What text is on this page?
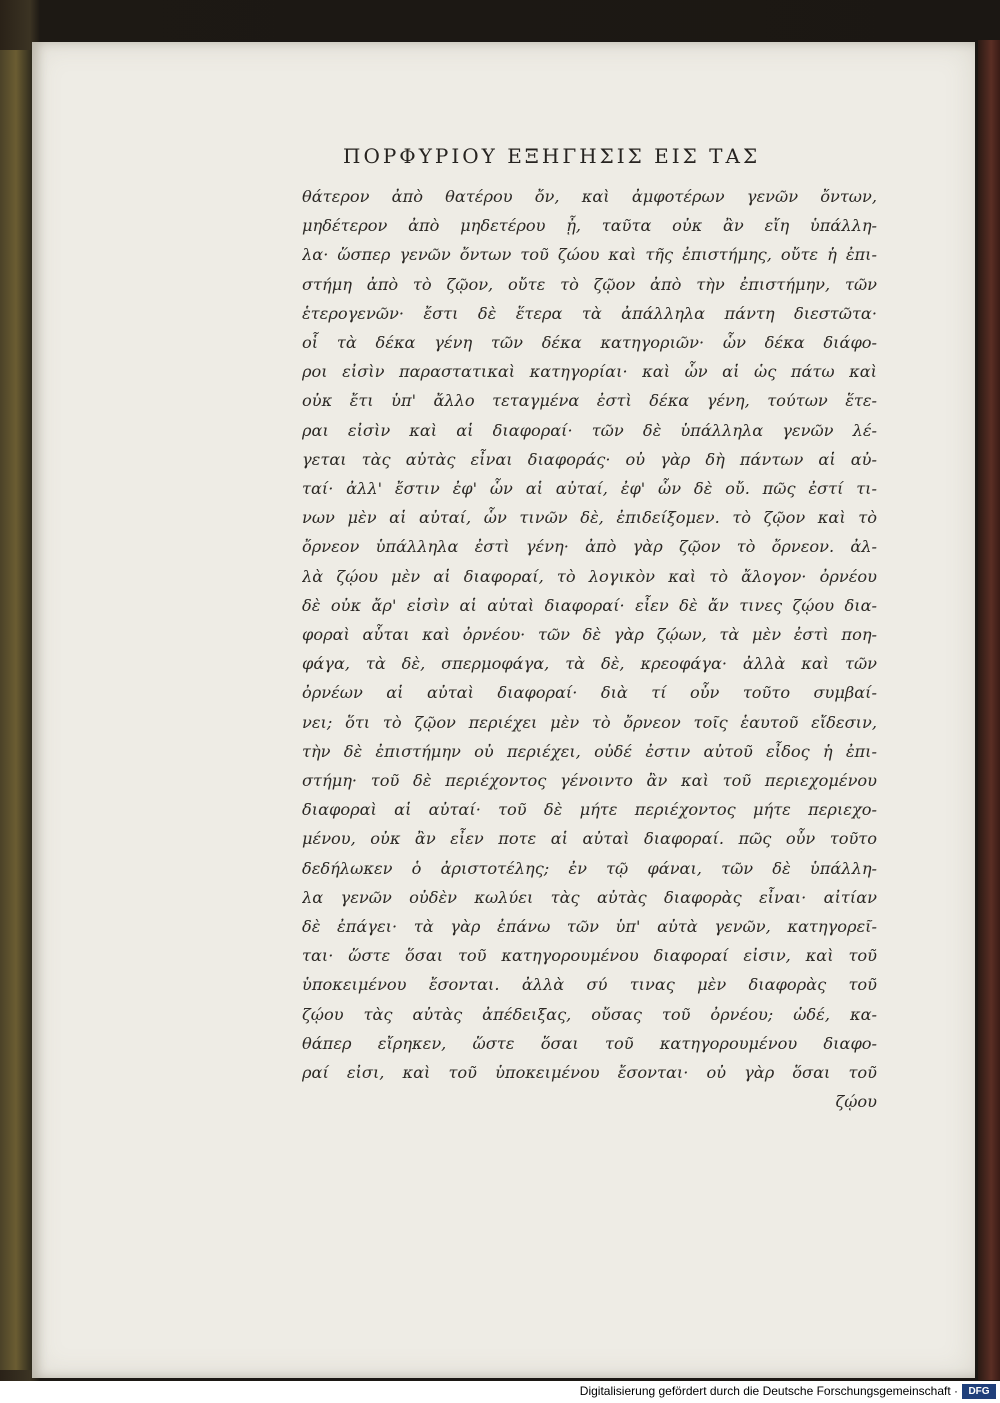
ΠΟΡΦΥΡΙΟΥ ΕΞΗΓΗΣΙΣ ΕΙΣ ΤΑΣ
θάτερον ἀπὸ θατέρου ὄν, καὶ ἀμφοτέρων γενῶν ὄντων,
μηδέτερον ἀπὸ μηδετέρου ᾖ, ταῦτα οὐκ ἂν εἴη ὑπάλλη-
λα· ὥσπερ γενῶν ὄντων τοῦ ζώου καὶ τῆς ἐπιστήμης, οὔτε ἡ ἐπι-
στήμη ἀπὸ τὸ ζῷον, οὔτε τὸ ζῷον ἀπὸ τὴν ἐπιστήμην, τῶν
ἑτερογενῶν· ἔστι δὲ ἕτερα τὰ ἀπάλληλα πάντη διεστῶτα·
οἷ τὰ δέκα γένη τῶν δέκα κατηγοριῶν· ὧν δέκα διάφο-
ροι εἰσὶν παραστατικαὶ κατηγορίαι· καὶ ὧν αἱ ὡς πάτω καὶ
οὐκ ἔτι ὑπ' ἄλλο τεταγμένα ἐστὶ δέκα γένη, τούτων ἕτε-
ραι εἰσὶν καὶ αἱ διαφοραί· τῶν δὲ ὑπάλληλα γενῶν λέ-
γεται τὰς αὐτὰς εἶναι διαφοράς· οὐ γὰρ δὴ πάντων αἱ αὐ-
ταί· ἀλλ' ἔστιν ἐφ' ὧν αἱ αὐταί, ἐφ' ὧν δὲ οὔ. πῶς ἐστί τι-
νων μὲν αἱ αὐταί, ὧν τινῶν δὲ, ἐπιδείξομεν. τὸ ζῷον καὶ τὸ
ὄρνεον ὑπάλληλα ἐστὶ γένη· ἀπὸ γὰρ ζῷον τὸ ὄρνεον. ἀλ-
λὰ ζῴου μὲν αἱ διαφοραί, τὸ λογικὸν καὶ τὸ ἄλογον· ὀρνέου
δὲ οὐκ ἄρ' εἰσὶν αἱ αὐταὶ διαφοραί· εἶεν δὲ ἄν τινες ζῴου δια-
φοραὶ αὗται καὶ ὀρνέου· τῶν δὲ γὰρ ζῴων, τὰ μὲν ἐστὶ ποη-
φάγα, τὰ δὲ, σπερμοφάγα, τὰ δὲ, κρεοφάγα· ἀλλὰ καὶ τῶν
ὀρνέων αἱ αὐταὶ διαφοραί· διὰ τί οὖν τοῦτο συμβαί-
νει; ὅτι τὸ ζῷον περιέχει μὲν τὸ ὄρνεον τοῖς ἑαυτοῦ εἴδεσιν,
τὴν δὲ ἐπιστήμην οὐ περιέχει, οὐδέ ἐστιν αὐτοῦ εἶδος ἡ ἐπι-
στήμη· τοῦ δὲ περιέχοντος γένοιντο ἂν καὶ τοῦ περιεχομένου
διαφοραὶ αἱ αὐταί· τοῦ δὲ μήτε περιέχοντος μήτε περιεχο-
μένου, οὐκ ἂν εἶεν ποτε αἱ αὐταὶ διαφοραί. πῶς οὖν τοῦτο
δεδήλωκεν ὁ ἀριστοτέλης; ἐν τῷ φάναι, τῶν δὲ ὑπάλλη-
λα γενῶν οὐδὲν κωλύει τὰς αὐτὰς διαφορὰς εἶναι· αἰτίαν
δὲ ἐπάγει· τὰ γὰρ ἐπάνω τῶν ὑπ' αὐτὰ γενῶν, κατηγορεῖ-
ται· ὥστε ὅσαι τοῦ κατηγορουμένου διαφοραί εἰσιν, καὶ τοῦ
ὑποκειμένου ἔσονται. ἀλλὰ σύ τινας μὲν διαφορὰς τοῦ
ζῴου τὰς αὐτὰς ἀπέδειξας, οὔσας τοῦ ὀρνέου; ὡδέ, κα-
θάπερ εἴρηκεν, ὥστε ὅσαι τοῦ κατηγορουμένου διαφο-
ραί εἰσι, καὶ τοῦ ὑποκειμένου ἔσονται· οὐ γὰρ ὅσαι τοῦ
ζῴου
Digitalisierung gefördert durch die Deutsche Forschungsgemeinschaft ·	DFG
